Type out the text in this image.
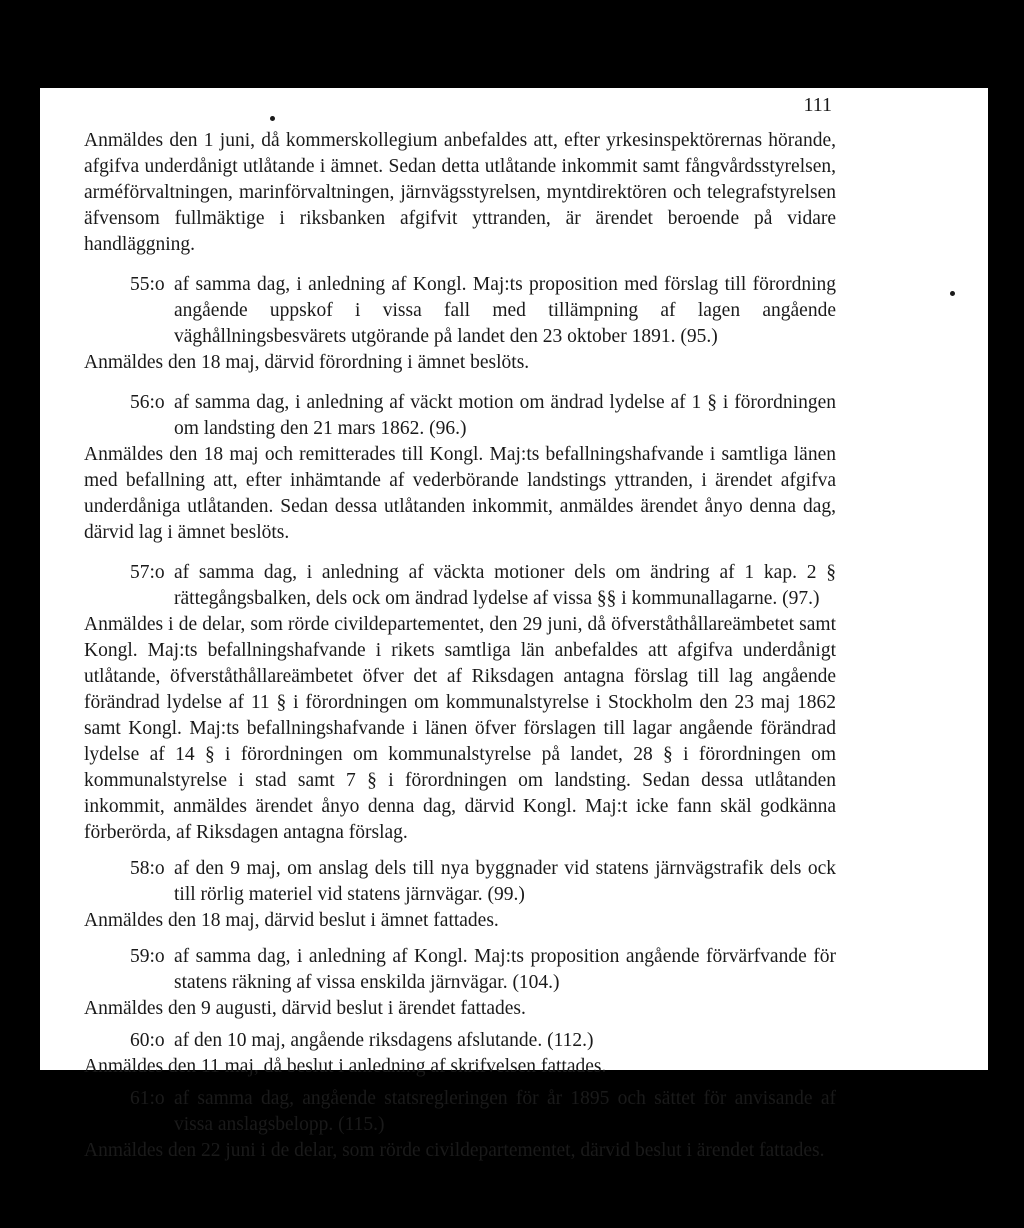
111

Anmäldes den 1 juni, då kommerskollegium anbefaldes att, efter yrkesinspektörernas hörande, afgifva underdånigt utlåtande i ämnet. Sedan detta utlåtande inkommit samt fångvårdsstyrelsen, arméförvaltningen, marinförvaltningen, järnvägsstyrelsen, myntdirektören och telegrafstyrelsen äfvensom fullmäktige i riksbanken afgifvit yttranden, är ärendet beroende på vidare handläggning.

55:o af samma dag, i anledning af Kongl. Maj:ts proposition med förslag till förordning angående uppskof i vissa fall med tillämpning af lagen angående väghållningsbesvärets utgörande på landet den 23 oktober 1891. (95.)

Anmäldes den 18 maj, därvid förordning i ämnet beslöts.

56:o af samma dag, i anledning af väckt motion om ändrad lydelse af 1 § i förordningen om landsting den 21 mars 1862. (96.)

Anmäldes den 18 maj och remitterades till Kongl. Maj:ts befallningshafvande i samtliga länen med befallning att, efter inhämtande af vederbörande landstings yttranden, i ärendet afgifva underdåniga utlåtanden. Sedan dessa utlåtanden inkommit, anmäldes ärendet ånyo denna dag, därvid lag i ämnet beslöts.

57:o af samma dag, i anledning af väckta motioner dels om ändring af 1 kap. 2 § rättegångsbalken, dels ock om ändrad lydelse af vissa §§ i kommunallagarne. (97.)

Anmäldes i de delar, som rörde civildepartementet, den 29 juni, då öfverståthållareämbetet samt Kongl. Maj:ts befallningshafvande i rikets samtliga län anbefaldes att afgifva underdånigt utlåtande, öfverståthållareämbetet öfver det af Riksdagen antagna förslag till lag angående förändrad lydelse af 11 § i förordningen om kommunalstyrelse i Stockholm den 23 maj 1862 samt Kongl. Maj:ts befallningshafvande i länen öfver förslagen till lagar angående förändrad lydelse af 14 § i förordningen om kommunalstyrelse på landet, 28 § i förordningen om kommunalstyrelse i stad samt 7 § i förordningen om landsting. Sedan dessa utlåtanden inkommit, anmäldes ärendet ånyo denna dag, därvid Kongl. Maj:t icke fann skäl godkänna förberörda, af Riksdagen antagna förslag.

58:o af den 9 maj, om anslag dels till nya byggnader vid statens järnvägstrafik dels ock till rörlig materiel vid statens järnvägar. (99.)

Anmäldes den 18 maj, därvid beslut i ämnet fattades.

59:o af samma dag, i anledning af Kongl. Maj:ts proposition angående förvärfvande för statens räkning af vissa enskilda järnvägar. (104.)

Anmäldes den 9 augusti, därvid beslut i ärendet fattades.

60:o af den 10 maj, angående riksdagens afslutande. (112.)

Anmäldes den 11 maj, då beslut i anledning af skrifvelsen fattades.

61:o af samma dag, angående statsregleringen för år 1895 och sättet för anvisande af vissa anslagsbelopp. (115.)

Anmäldes den 22 juni i de delar, som rörde civildepartementet, därvid beslut i ärendet fattades.
